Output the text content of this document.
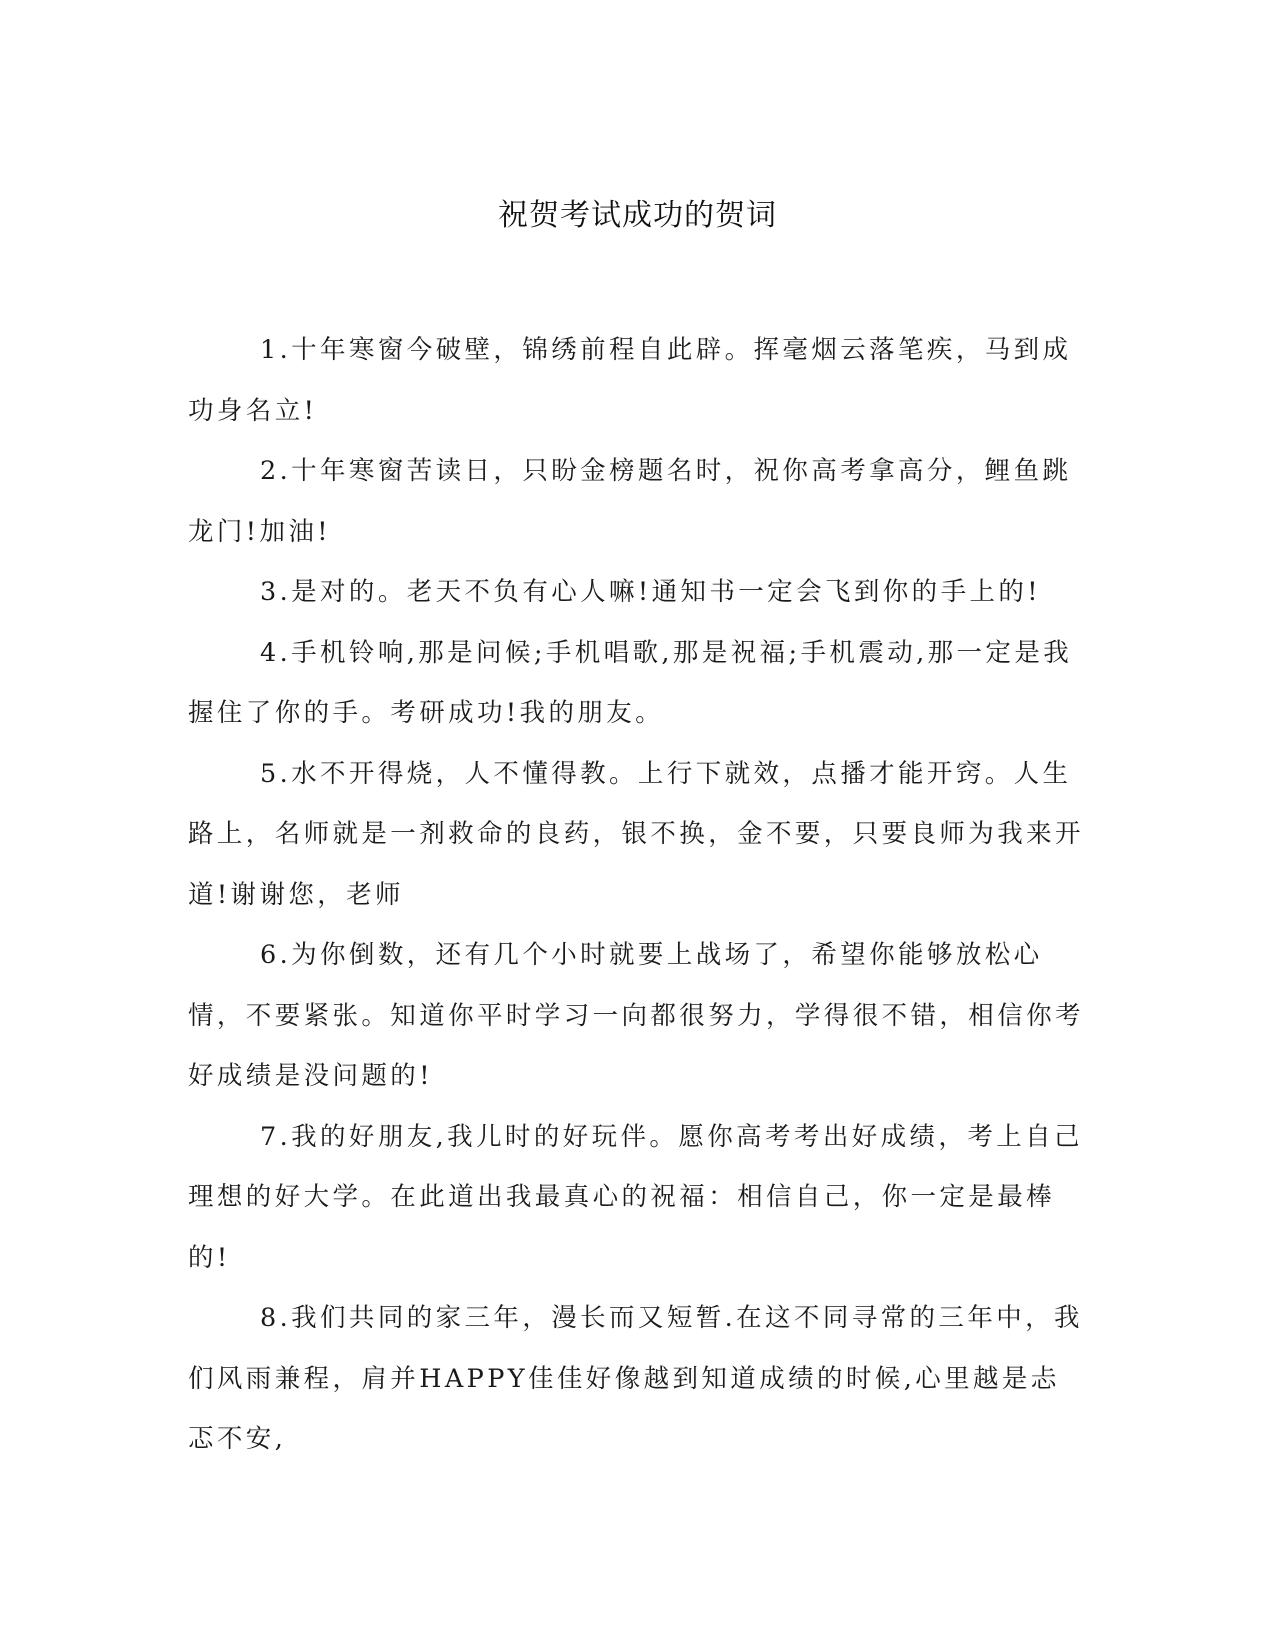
祝贺考试成功的贺词

1.十年寒窗今破壁，锦绣前程自此辟。挥毫烟云落笔疾，马到成功身名立!

2.十年寒窗苦读日，只盼金榜题名时，祝你高考拿高分，鲤鱼跳龙门!加油!

3.是对的。老天不负有心人嘛!通知书一定会飞到你的手上的!

4.手机铃响,那是问候;手机唱歌,那是祝福;手机震动,那一定是我握住了你的手。考研成功!我的朋友。

5.水不开得烧，人不懂得教。上行下就效，点播才能开窍。人生路上，名师就是一剂救命的良药，银不换，金不要，只要良师为我来开道!谢谢您，老师

6.为你倒数，还有几个小时就要上战场了，希望你能够放松心情，不要紧张。知道你平时学习一向都很努力，学得很不错，相信你考好成绩是没问题的!

7.我的好朋友,我儿时的好玩伴。愿你高考考出好成绩，考上自己理想的好大学。在此道出我最真心的祝福：相信自己，你一定是最棒的!

8.我们共同的家三年，漫长而又短暂.在这不同寻常的三年中，我们风雨兼程，肩并HAPPY佳佳好像越到知道成绩的时候,心里越是忐忑不安,
